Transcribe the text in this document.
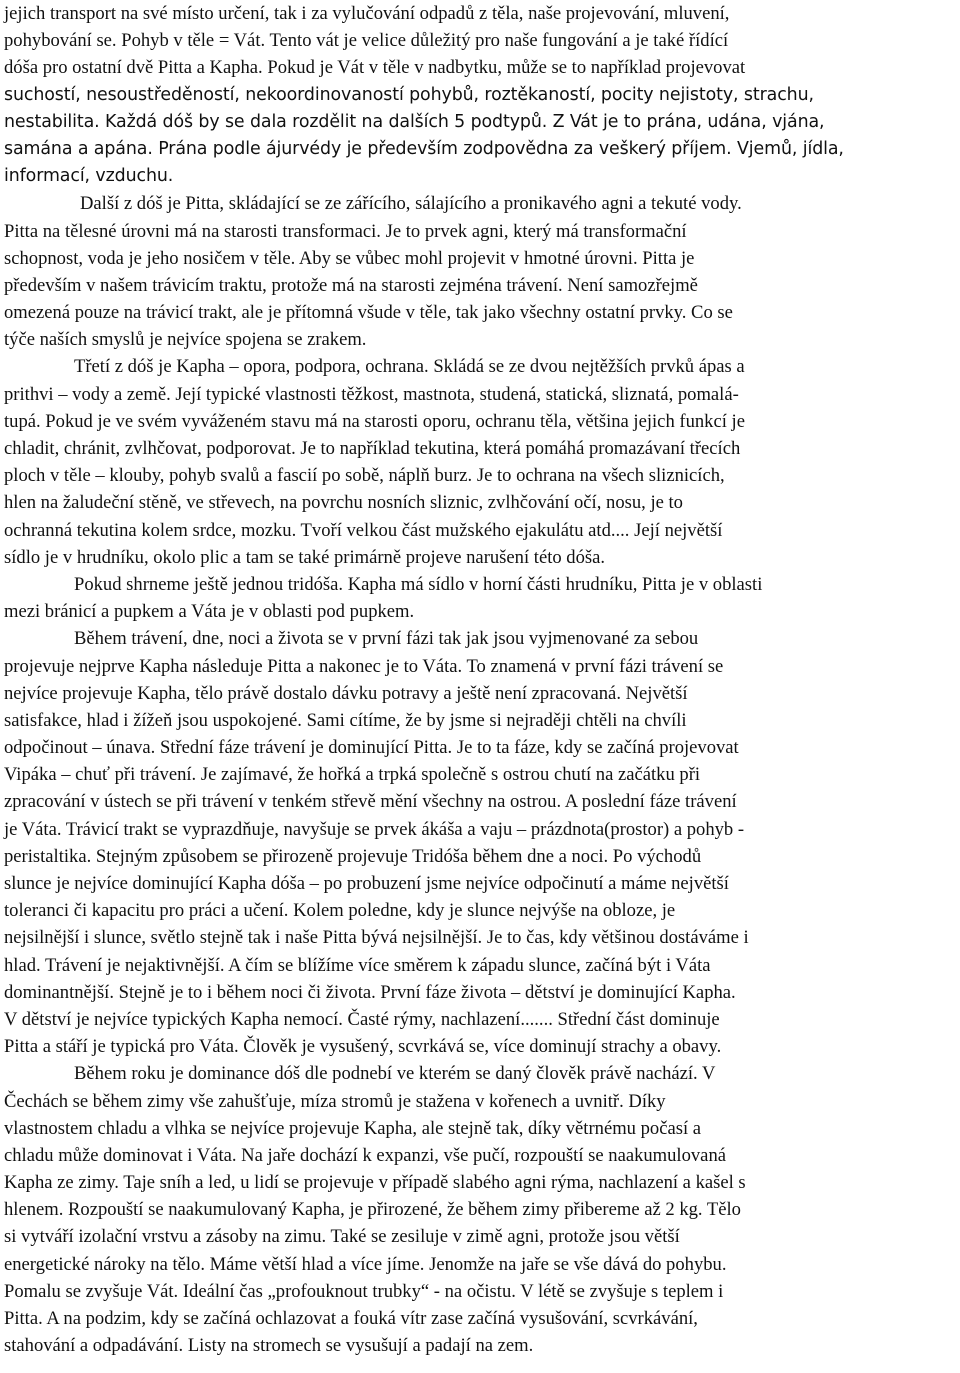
jejich transport na své místo určení, tak i za vylučování odpadů z těla, naše projevování, mluvení,
pohybování se. Pohyb v těle = Vát. Tento vát je velice důležitý pro naše fungování a je také řídící
dóša pro ostatní dvě Pitta a Kapha. Pokud je Vát v těle v nadbytku, může se to například projevovat
suchostí, nesoustředěností, nekoordinovaností pohybů, roztěkaností, pocity nejistoty, strachu,
nestabilita. Každá dóš by se dala rozdělit na dalších 5 podtypů. Z Vát je to prána, udána, vjána,
samána a apána. Prána podle ájurvédy je především zodpovědna za veškerý příjem. Vjemů, jídla,
informací, vzduchu.
Další z dóš je Pitta, skládající se ze zářícího, sálajícího a pronikavého agni a tekuté vody.
Pitta na tělesné úrovni má na starosti transformaci. Je to prvek agni, který má transformační
schopnost, voda je jeho nosičem v těle. Aby se vůbec mohl projevit v hmotné úrovni. Pitta je
především v našem trávicím traktu, protože má na starosti zejména trávení. Není samozřejmě
omezená pouze na trávicí trakt, ale je přítomná všude v těle, tak jako všechny ostatní prvky. Co se
týče naších smyslů je nejvíce spojena se zrakem.
Třetí z dóš je Kapha – opora, podpora, ochrana. Skládá se ze dvou nejtěžších prvků ápas a
prithvi – vody a země. Její typické vlastnosti těžkost, mastnota, studená, statická, sliznatá, pomalá-
tupá. Pokud je ve svém vyváženém stavu má na starosti oporu, ochranu těla, většina jejich funkcí je
chladit, chránit, zvlhčovat, podporovat. Je to například tekutina, která pomáhá promazávaní třecích
ploch v těle – klouby, pohyb svalů a fascií po sobě, náplň burz. Je to ochrana na všech sliznicích,
hlen na žaludeční stěně, ve střevech, na povrchu nosních sliznic, zvlhčování očí, nosu, je to
ochranná tekutina kolem srdce, mozku. Tvoří velkou část mužského ejakulátu atd.... Její největší
sídlo je v hrudníku, okolo plic a tam se také primárně projeve narušení této dóša.
Pokud shrneme ještě jednou tridóša. Kapha má sídlo v horní části hrudníku, Pitta je v oblasti
mezi bránicí a pupkem a Váta je v oblasti pod pupkem.
Během trávení, dne, noci a života se v první fázi tak jak jsou vyjmenované za sebou
projevuje nejprve Kapha následuje Pitta a nakonec je to Váta. To znamená v první fázi trávení se
nejvíce projevuje Kapha, tělo právě dostalo dávku potravy a ještě není zpracovaná. Největší
satisfakce, hlad i žížeň jsou uspokojené. Sami cítíme, že by jsme si nejraději chtěli na chvíli
odpočinout – únava. Střední fáze trávení je dominující Pitta. Je to ta fáze, kdy se začíná projevovat
Vipáka – chuť při trávení. Je zajímavé, že hořká a trpká společně s ostrou chutí na začátku při
zpracování v ústech se při trávení v tenkém střevě mění všechny na ostrou. A poslední fáze trávení
je Váta. Trávicí trakt se vyprazdňuje, navyšuje se prvek ákáša a vaju – prázdnota(prostor) a pohyb -
peristaltika. Stejným způsobem se přirozeně projevuje Tridóša během dne a noci. Po východů
slunce je nejvíce dominující Kapha dóša – po probuzení jsme nejvíce odpočinutí a máme největší
toleranci či kapacitu pro práci a učení. Kolem poledne, kdy je slunce nejvýše na obloze, je
nejsilnější i slunce, světlo stejně tak i naše Pitta bývá nejsilnější. Je to čas, kdy většinou dostáváme i
hlad. Trávení je nejaktivnější. A čím se blížíme více směrem k západu slunce, začíná být i Váta
dominantnější. Stejně je to i během noci či života. První fáze života – dětství je dominující Kapha.
V dětství je nejvíce typických Kapha nemocí. Časté rýmy, nachlazení....... Střední část dominuje
Pitta a stáří je typická pro Váta. Člověk je vysušený, scvrkává se, více dominují strachy a obavy.
Během roku je dominance dóš dle podnebí ve kterém se daný člověk právě nachází. V
Čechách se během zimy vše zahušťuje, míza stromů je stažena v kořenech a uvnitř. Díky
vlastnostem chladu a vlhka se nejvíce projevuje Kapha, ale stejně tak, díky větrnému počasí a
chladu může dominovat i Váta. Na jaře dochází k expanzi, vše pučí, rozpouští se naakumulovaná
Kapha ze zimy. Taje sníh a led, u lidí se projevuje v případě slabého agni rýma, nachlazení a kašel s
hlenem. Rozpouští se naakumulovaný Kapha, je přirozené, že během zimy přibereme až 2 kg. Tělo
si vytváří izolační vrstvu a zásoby na zimu. Také se zesiluje v zimě agni, protože jsou větší
energetické nároky na tělo. Máme větší hlad a více jíme. Jenomže na jaře se vše dává do pohybu.
Pomalu se zvyšuje Vát. Ideální čas „profouknout trubky“ - na očistu. V létě se zvyšuje s teplem i
Pitta. A na podzim, kdy se začíná ochlazovat a fouká vítr zase začíná vysušování, scvrkávání,
stahování a odpadávání. Listy na stromech se vysušují a padají na zem.
